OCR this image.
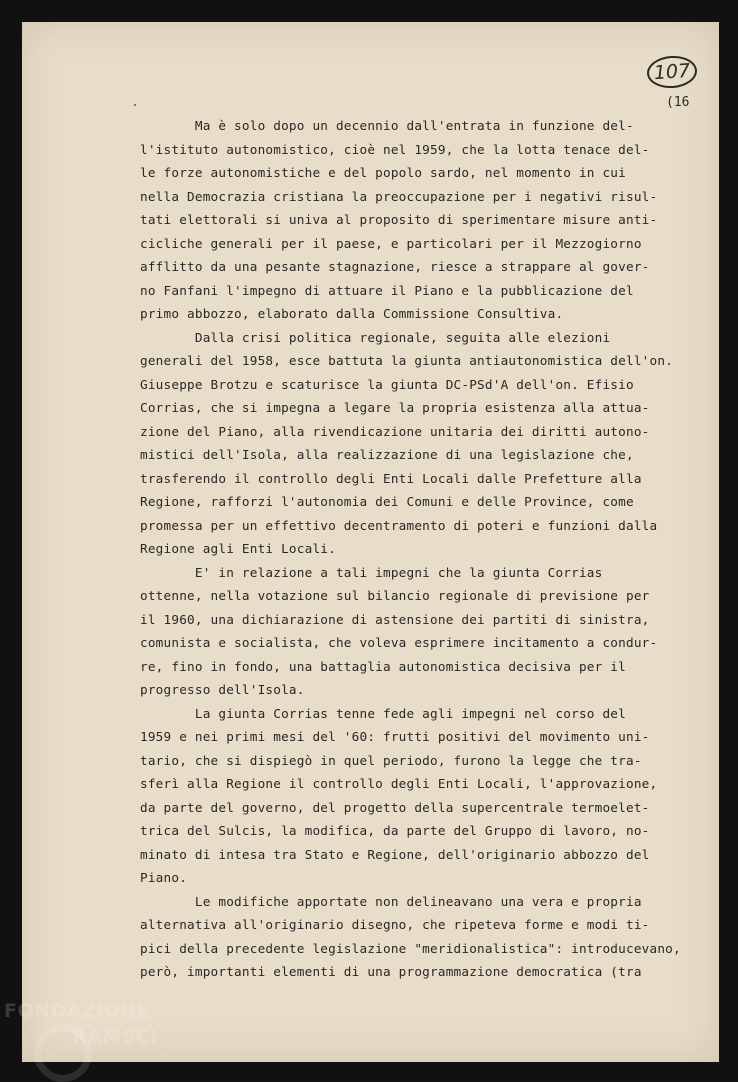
107
(16
Ma è solo dopo un decennio dall'entrata in funzione del-
l'istituto autonomistico, cioè nel 1959, che la lotta tenace del-
le forze autonomistiche e del popolo sardo, nel momento in cui
nella Democrazia cristiana la preoccupazione per i negativi risul-
tati elettorali si univa al proposito di sperimentare misure anti-
cicliche generali per il paese, e particolari per il Mezzogiorno
afflitto da una pesante stagnazione, riesce a strappare al gover-
no Fanfani l'impegno di attuare il Piano e la pubblicazione del
primo abbozzo, elaborato dalla Commissione Consultiva.
Dalla crisi politica regionale, seguita alle elezioni
generali del 1958, esce battuta la giunta antiautonomistica dell'on.
Giuseppe Brotzu e scaturisce la giunta DC-PSd'A dell'on. Efisio
Corrias, che si impegna a legare la propria esistenza alla attua-
zione del Piano, alla rivendicazione unitaria dei diritti autono-
mistici dell'Isola, alla realizzazione di una legislazione che,
trasferendo il controllo degli Enti Locali dalle Prefetture alla
Regione, rafforzi l'autonomia dei Comuni e delle Province, come
promessa per un effettivo decentramento di poteri e funzioni dalla
Regione agli Enti Locali.
E' in relazione a tali impegni che la giunta Corrias
ottenne, nella votazione sul bilancio regionale di previsione per
il 1960, una dichiarazione di astensione dei partiti di sinistra,
comunista e socialista, che voleva esprimere incitamento a condur-
re, fino in fondo, una battaglia autonomistica decisiva per il
progresso dell'Isola.
La giunta Corrias tenne fede agli impegni nel corso del
1959 e nei primi mesi del '60: frutti positivi del movimento uni-
tario, che si dispiegò in quel periodo, furono la legge che tra-
sferì alla Regione il controllo degli Enti Locali, l'approvazione,
da parte del governo, del progetto della supercentrale termoelet-
trica del Sulcis, la modifica, da parte del Gruppo di lavoro, no-
minato di intesa tra Stato e Regione, dell'originario abbozzo del
Piano.
Le modifiche apportate non delineavano una vera e propria
alternativa all'originario disegno, che ripeteva forme e modi ti-
pici della precedente legislazione "meridionalistica": introducevano,
però, importanti elementi di una programmazione democratica (tra
FONDAZIONE
RAMSCI
onlus
